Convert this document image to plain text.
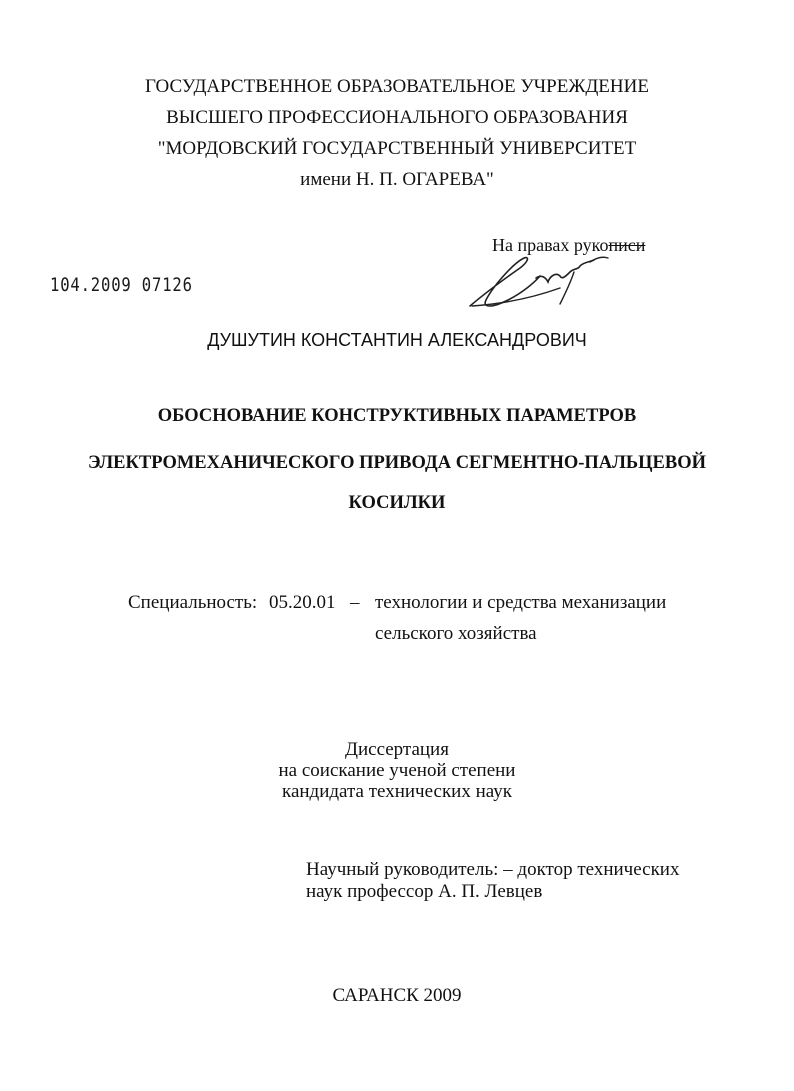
ГОСУДАРСТВЕННОЕ ОБРАЗОВАТЕЛЬНОЕ УЧРЕЖДЕНИЕ
ВЫСШЕГО ПРОФЕССИОНАЛЬНОГО ОБРАЗОВАНИЯ
"МОРДОВСКИЙ ГОСУДАРСТВЕННЫЙ УНИВЕРСИТЕТ
имени Н. П. ОГАРЕВА"
На правах рукописи
104.2009 07126
ДУШУТИН КОНСТАНТИН АЛЕКСАНДРОВИЧ
ОБОСНОВАНИЕ КОНСТРУКТИВНЫХ ПАРАМЕТРОВ
ЭЛЕКТРОМЕХАНИЧЕСКОГО ПРИВОДА СЕГМЕНТНО-ПАЛЬЦЕВОЙ
КОСИЛКИ
Специальность: 05.20.01 – технологии и средства механизации
сельского хозяйства
Диссертация
на соискание ученой степени
кандидата технических наук
Научный руководитель: – доктор технических
наук профессор А. П. Левцев
САРАНСК 2009
